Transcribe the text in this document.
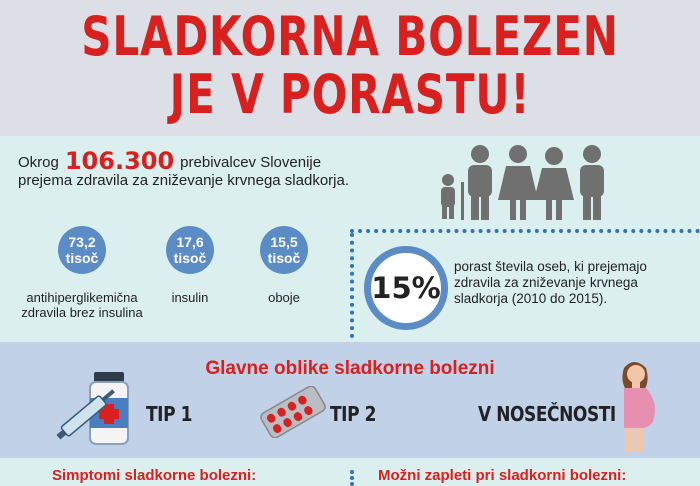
SLADKORNA BOLEZEN
JE V PORASTU!
Okrog 106.300 prebivalcev Slovenije
prejema zdravila za zniževanje krvnega sladkorja.
73,2
tisoč
antihiperglikemična zdravila brez insulina
17,6
tisoč
insulin
15,5
tisoč
oboje	15%
porast števila oseb, ki prejemajo zdravila za zniževanje krvnega sladkorja (2010 do 2015).
Glavne oblike sladkorne bolezni
TIP 1	TIP 2	V NOSEČNOSTI
Simptomi sladkorne bolezni:	Možni zapleti pri sladkorni bolezni:
